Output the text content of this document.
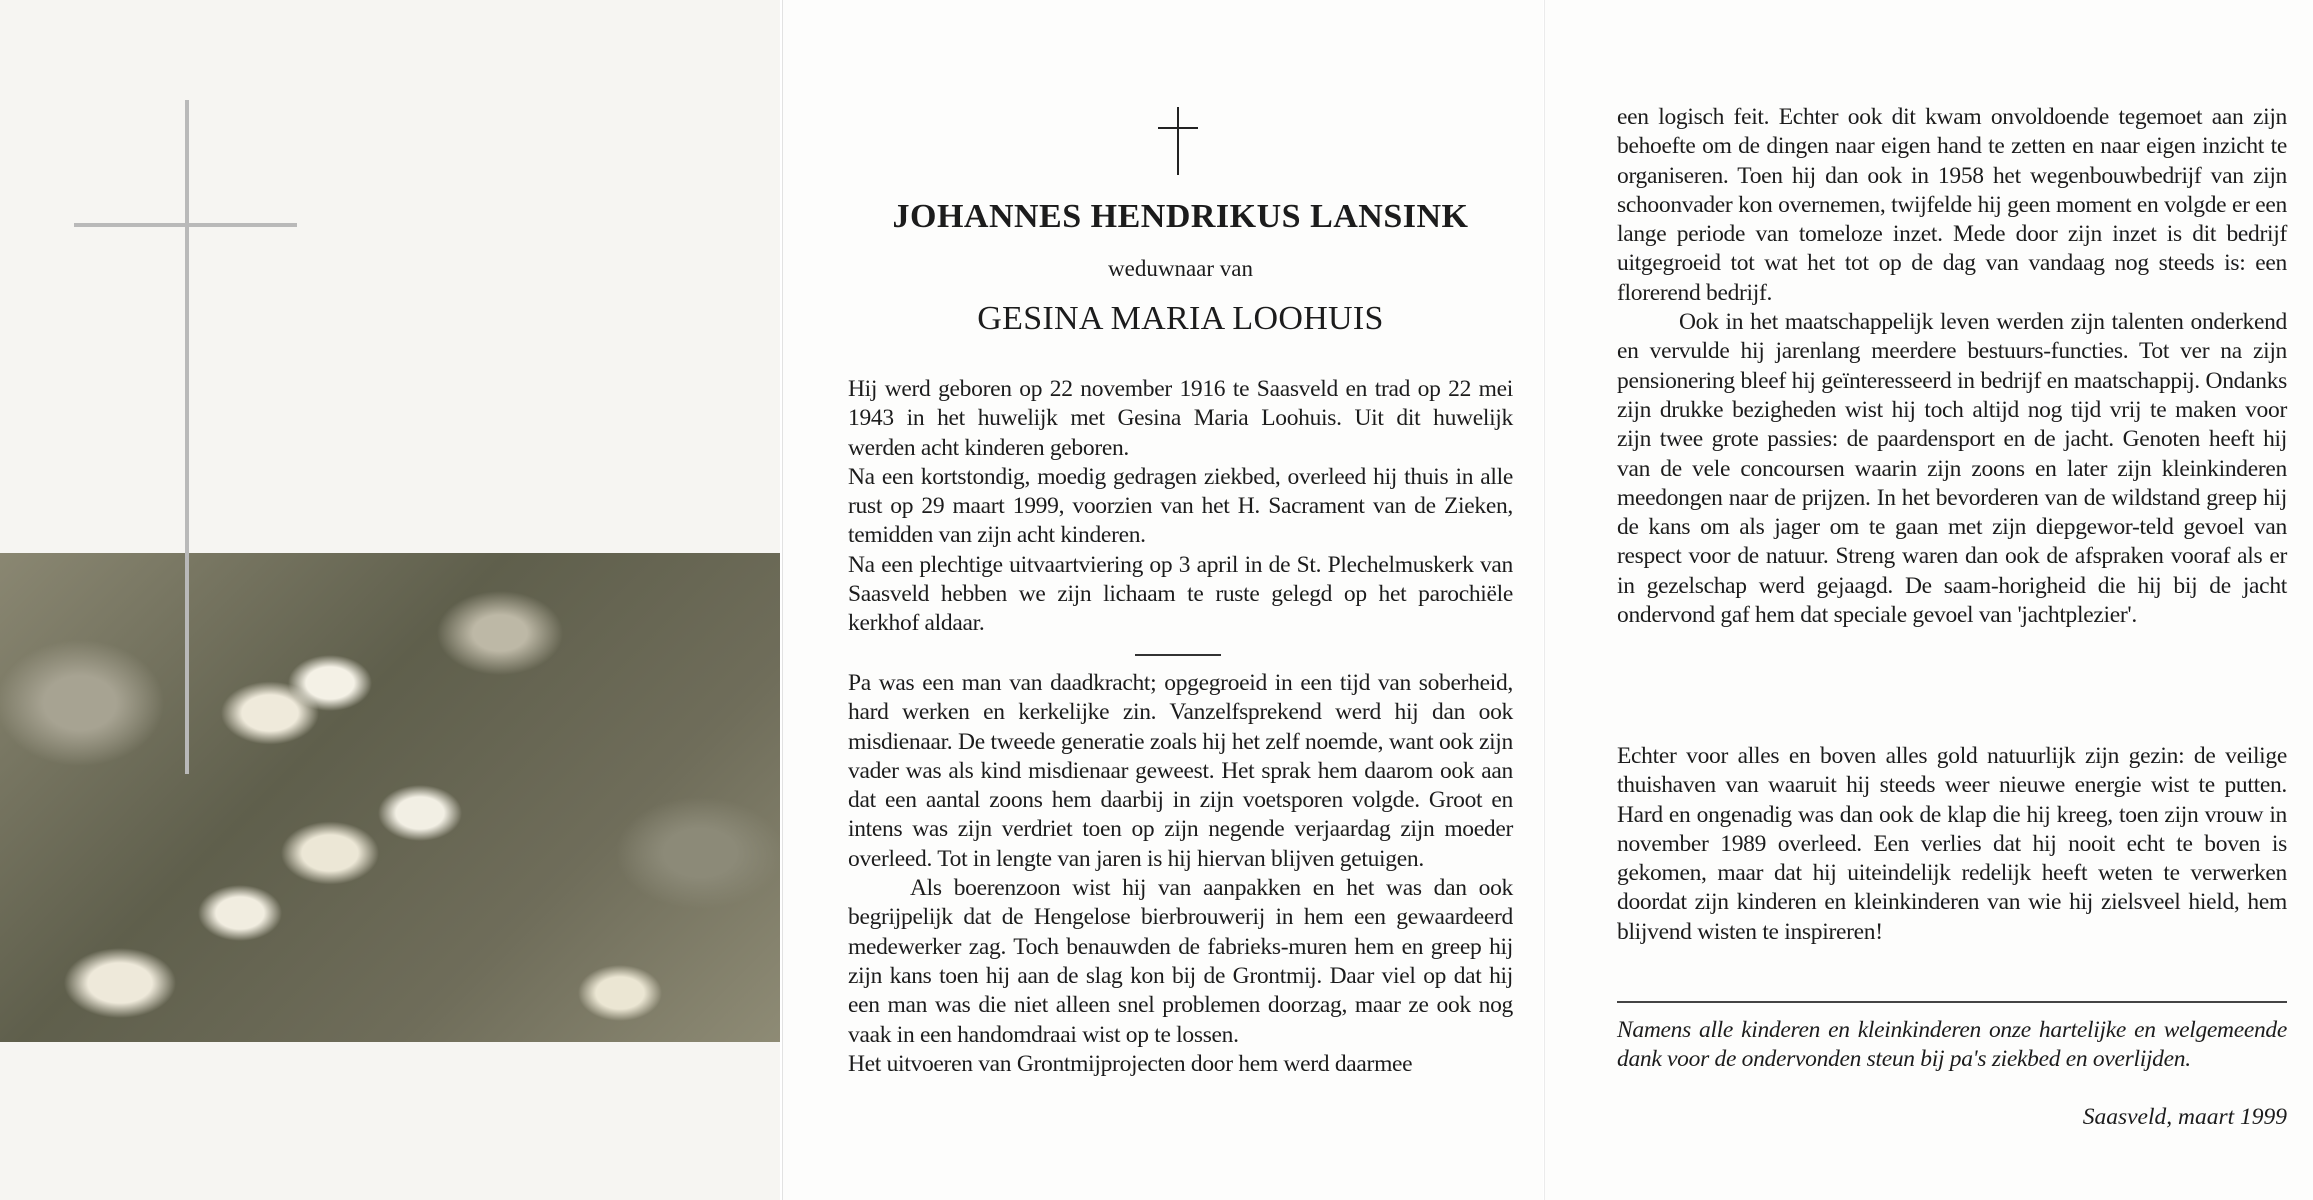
JOHANNES HENDRIKUS LANSINK
weduwnaar van
GESINA MARIA LOOHUIS

Hij werd geboren op 22 november 1916 te Saasveld en trad op 22 mei 1943 in het huwelijk met Gesina Maria Loohuis. Uit dit huwelijk werden acht kinderen geboren.

Na een kortstondig, moedig gedragen ziekbed, overleed hij thuis in alle rust op 29 maart 1999, voorzien van het H. Sacrament van de Zieken, temidden van zijn acht kinderen.

Na een plechtige uitvaartviering op 3 april in de St. Plechelmuskerk van Saasveld hebben we zijn lichaam te ruste gelegd op het parochiële kerkhof aldaar.

Pa was een man van daadkracht; opgegroeid in een tijd van soberheid, hard werken en kerkelijke zin. Vanzelfsprekend werd hij dan ook misdienaar. De tweede generatie zoals hij het zelf noemde, want ook zijn vader was als kind misdienaar geweest. Het sprak hem daarom ook aan dat een aantal zoons hem daarbij in zijn voetsporen volgde. Groot en intens was zijn verdriet toen op zijn negende verjaardag zijn moeder overleed. Tot in lengte van jaren is hij hiervan blijven getuigen.

Als boerenzoon wist hij van aanpakken en het was dan ook begrijpelijk dat de Hengelose bierbrouwerij in hem een gewaardeerd medewerker zag. Toch benauwden de fabrieks-muren hem en greep hij zijn kans toen hij aan de slag kon bij de Grontmij. Daar viel op dat hij een man was die niet alleen snel problemen doorzag, maar ze ook nog vaak in een handomdraai wist op te lossen.

Het uitvoeren van Grontmijprojecten door hem werd daarmee

een logisch feit. Echter ook dit kwam onvoldoende tegemoet aan zijn behoefte om de dingen naar eigen hand te zetten en naar eigen inzicht te organiseren. Toen hij dan ook in 1958 het wegenbouwbedrijf van zijn schoonvader kon overnemen, twijfelde hij geen moment en volgde er een lange periode van tomeloze inzet. Mede door zijn inzet is dit bedrijf uitgegroeid tot wat het tot op de dag van vandaag nog steeds is: een florerend bedrijf.

Ook in het maatschappelijk leven werden zijn talenten onderkend en vervulde hij jarenlang meerdere bestuurs-functies. Tot ver na zijn pensionering bleef hij geïnteresseerd in bedrijf en maatschappij. Ondanks zijn drukke bezigheden wist hij toch altijd nog tijd vrij te maken voor zijn twee grote passies: de paardensport en de jacht. Genoten heeft hij van de vele concoursen waarin zijn zoons en later zijn kleinkinderen meedongen naar de prijzen. In het bevorderen van de wildstand greep hij de kans om als jager om te gaan met zijn diepgewor-teld gevoel van respect voor de natuur. Streng waren dan ook de afspraken vooraf als er in gezelschap werd gejaagd. De saam-horigheid die hij bij de jacht ondervond gaf hem dat speciale gevoel van 'jachtplezier'.

Echter voor alles en boven alles gold natuurlijk zijn gezin: de veilige thuishaven van waaruit hij steeds weer nieuwe energie wist te putten. Hard en ongenadig was dan ook de klap die hij kreeg, toen zijn vrouw in november 1989 overleed. Een verlies dat hij nooit echt te boven is gekomen, maar dat hij uiteindelijk redelijk heeft weten te verwerken doordat zijn kinderen en kleinkinderen van wie hij zielsveel hield, hem blijvend wisten te inspireren!

Namens alle kinderen en kleinkinderen onze hartelijke en welgemeende dank voor de ondervonden steun bij pa's ziekbed en overlijden.

Saasveld, maart 1999
